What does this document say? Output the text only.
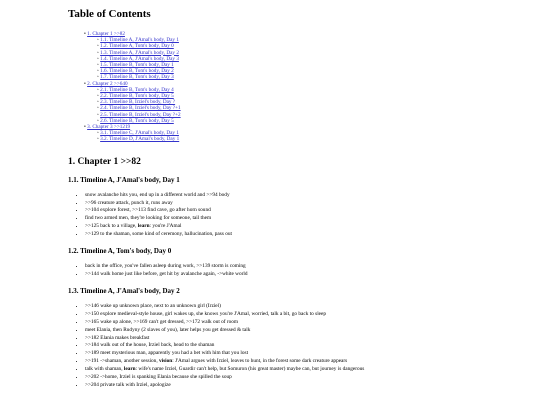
Table of Contents
• 1. Chapter 1 >>82
◦ 1.1. Timeline A, J'Amal's body, Day 1
◦ 1.2. Timeline A, Tom's body, Day 0
◦ 1.3. Timeline A, J'Amal's body, Day 2
◦ 1.4. Timeline A, J'Amal's body, Day 3
◦ 1.5. Timeline B, Tom's body, Day 1
◦ 1.6. Timeline B, Tom's body, Day 2
◦ 1.7. Timeline B, Tom's body, Day 3
• 2. Chapter 2 >>640
◦ 2.1. Timeline B, Tom's body, Day 4
◦ 2.2. Timeline B, Tom's body, Day 5
◦ 2.3. Timeline B, Irziel's body, Day ?
◦ 2.4. Timeline B, Irziel's body, Day ?+1
◦ 2.5. Timeline B, Irziel's body, Day ?+2
◦ 2.6. Timeline B, Tom's body, Day 5
• 3. Chapter 3 >>1219
◦ 3.1. Timeline C, J'Amal's body, Day 1
◦ 3.2. Timeline D, J'Amal's body, Day 1
1. Chapter 1 >>82
1.1. Timeline A, J'Amal's body, Day 1
• snow avalanche hits you, end up in a different world and >>94 body
• >>96 creature attack, punch it, runs away
• >>104 explore forest, >>113 find cave, go after horn sound
• find two armed men, they're looking for someone, tail them
• >>125 back to a village, learn: you're J'Amal
• >>129 to the shaman, some kind of ceremony, hallucination, pass out
1.2. Timeline A, Tom's body, Day 0
• back in the office, you've fallen asleep during work, >>139 storm is coming
• >>144 walk home just like before, get hit by avalanche again, ->white world
1.3. Timeline A, J'Amal's body, Day 2
• >>146 wake up unknown place, next to an unknown girl (Irziel)
• >>150 explore medieval-style house, girl wakes up, she knows you're J'Amal, worried, talk a bit, go back to sleep
• >>165 wake up alone, >>169 can't get dressed, >>172 walk out of room
• meet Elania, then Rudyny (2 slaves of you), later helps you get dressed & talk
• >>182 Elania makes breakfast
• >>184 walk out of the house, Irziel back, head to the shaman
• >>189 meet mysterious man, apparently you had a bet with him that you lost
• >>191 ->shaman, another session, vision: J'Amal argues with Irziel, leaves to hunt, in the forest some dark creature appears
• talk with shaman, learn: wife's name Irziel, Guardir can't help, but Somuron (his great master) maybe can, but journey is dangerous
• >>202 ->home, Irziel is spanking Elania because she spilled the soup
• >>204 private talk with Irziel, apologize
